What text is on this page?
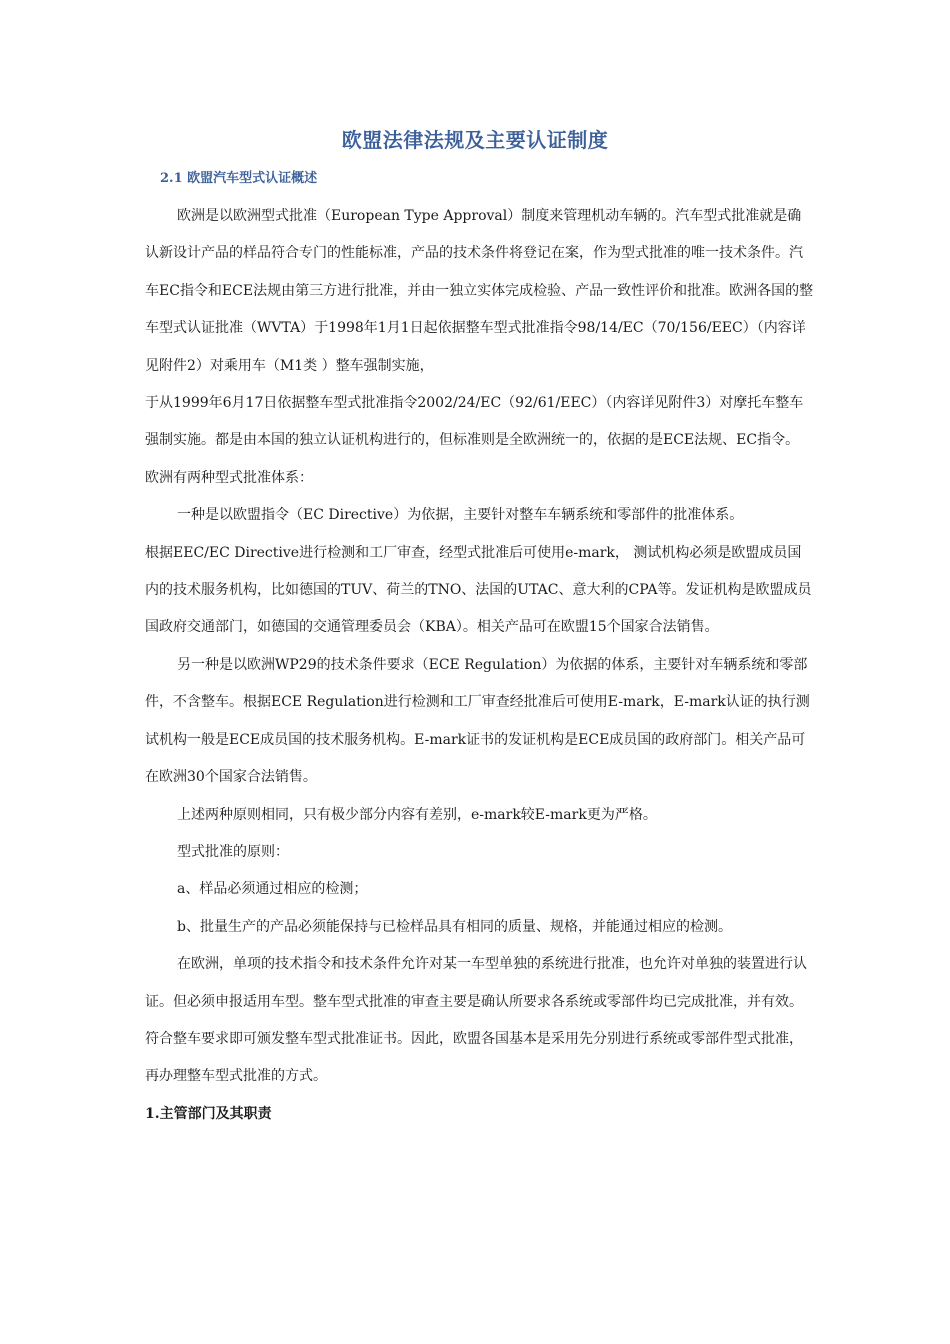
欧盟法律法规及主要认证制度
2.1 欧盟汽车型式认证概述

欧洲是以欧洲型式批准（European Type Approval）制度来管理机动车辆的。汽车型式批准就是确认新设计产品的样品符合专门的性能标准，产品的技术条件将登记在案，作为型式批准的唯一技术条件。汽车EC指令和ECE法规由第三方进行批准，并由一独立实体完成检验、产品一致性评价和批准。欧洲各国的整车型式认证批准（WVTA）于1998年1月1日起依据整车型式批准指令98/14/EC（70/156/EEC）（内容详见附件2）对乘用车（M1类 ）整车强制实施，

于从1999年6月17日依据整车型式批准指令2002/24/EC（92/61/EEC）（内容详见附件3）对摩托车整车强制实施。都是由本国的独立认证机构进行的，但标准则是全欧洲统一的，依据的是ECE法规、EC指令。

欧洲有两种型式批准体系：

一种是以欧盟指令（EC Directive）为依据，主要针对整车车辆系统和零部件的批准体系。

根据EEC/EC Directive进行检测和工厂审查，经型式批准后可使用e-mark， 测试机构必须是欧盟成员国内的技术服务机构，比如德国的TUV、荷兰的TNO、法国的UTAC、意大利的CPA等。发证机构是欧盟成员国政府交通部门，如德国的交通管理委员会（KBA）。相关产品可在欧盟15个国家合法销售。

另一种是以欧洲WP29的技术条件要求（ECE Regulation）为依据的体系，主要针对车辆系统和零部件，不含整车。根据ECE Regulation进行检测和工厂审查经批准后可使用E-mark，E-mark认证的执行测试机构一般是ECE成员国的技术服务机构。E-mark证书的发证机构是ECE成员国的政府部门。相关产品可在欧洲30个国家合法销售。

上述两种原则相同，只有极少部分内容有差别，e-mark较E-mark更为严格。

型式批准的原则：

a、样品必须通过相应的检测；

b、批量生产的产品必须能保持与已检样品具有相同的质量、规格，并能通过相应的检测。

在欧洲，单项的技术指令和技术条件允许对某一车型单独的系统进行批准，也允许对单独的装置进行认证。但必须申报适用车型。整车型式批准的审查主要是确认所要求各系统或零部件均已完成批准，并有效。符合整车要求即可颁发整车型式批准证书。因此，欧盟各国基本是采用先分别进行系统或零部件型式批准，再办理整车型式批准的方式。

1.主管部门及其职责
